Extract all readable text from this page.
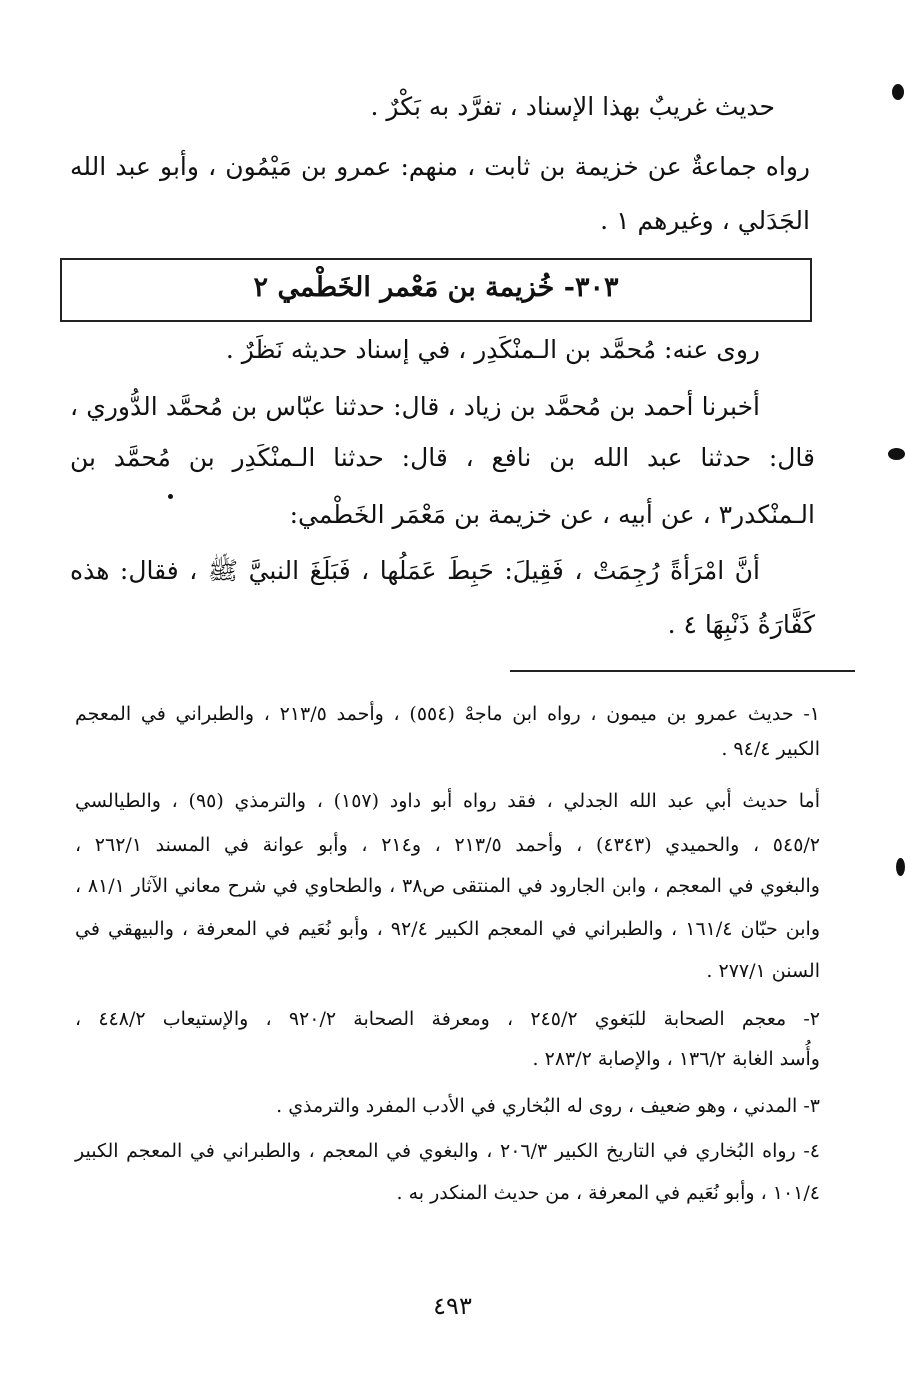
حديث غريبٌ بهذا الإسناد ، تفرَّد به بَكْرٌ .
رواه جماعةٌ عن خزيمة بن ثابت ، منهم: عمرو بن مَيْمُون ، وأبو عبد الله
الجَدَلي ، وغيرهم ١ .
٣٠٣- خُزيمة بن مَعْمر الخَطْمي ٢
روى عنه: مُحمَّد بن الـمنْكَدِر ، في إسناد حديثه نَظَرٌ .
أخبرنا أحمد بن مُحمَّد بن زياد ، قال: حدثنا عبّاس بن مُحمَّد الدُّوري ،
قال: حدثنا عبد الله بن نافع ، قال: حدثنا الـمنْكَدِر بن مُحمَّد بن
الـمنْكدر٣ ، عن أبيه ، عن خزيمة بن مَعْمَر الخَطْمي:
أنَّ امْرَأةً رُجِمَتْ ، فَقِيلَ: حَبِطَ عَمَلُها ، فَبَلَغَ النبيَّ ﷺ ، فقال: هذه
كَفَّارَةُ ذَنْبِهَا ٤ .
١- حديث عمرو بن ميمون ، رواه ابن ماجهْ (٥٥٤) ، وأحمد ٢١٣/٥ ، والطبراني في المعجم
الكبير ٩٤/٤ .
أما حديث أبي عبد الله الجدلي ، فقد رواه أبو داود (١٥٧) ، والترمذي (٩٥) ، والطيالسي
٥٤٥/٢ ، والحميدي (٤٣٤٣) ، وأحمد ٢١٣/٥ ، و٢١٤ ، وأبو عوانة في المسند ٢٦٢/١ ،
والبغوي في المعجم ، وابن الجارود في المنتقى ص٣٨ ، والطحاوي في شرح معاني الآثار ٨١/١ ،
وابن حبّان ١٦١/٤ ، والطبراني في المعجم الكبير ٩٢/٤ ، وأبو نُعَيم في المعرفة ، والبيهقي في
السنن ٢٧٧/١ .
٢- معجم الصحابة للبَغوي ٢٤٥/٢ ، ومعرفة الصحابة ٩٢٠/٢ ، والإستيعاب ٤٤٨/٢ ،
وأُسد الغابة ١٣٦/٢ ، والإصابة ٢٨٣/٢ .
٣- المدني ، وهو ضعيف ، روى له البُخاري في الأدب المفرد والترمذي .
٤- رواه البُخاري في التاريخ الكبير ٢٠٦/٣ ، والبغوي في المعجم ، والطبراني في المعجم الكبير
١٠١/٤ ، وأبو نُعَيم في المعرفة ، من حديث المنكدر به .
٤٩٣
